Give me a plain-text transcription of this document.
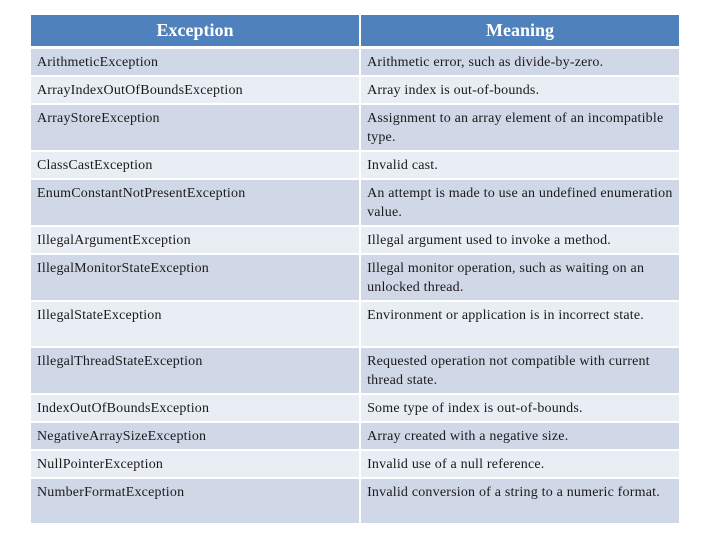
Exception	Meaning
ArithmeticException	Arithmetic error, such as divide-by-zero.
ArrayIndexOutOfBoundsException	Array index is out-of-bounds.
ArrayStoreException	Assignment to an array element of an incompatible type.
ClassCastException	Invalid cast.
EnumConstantNotPresentException	An attempt is made to use an undefined enumeration value.
IllegalArgumentException	Illegal argument used to invoke a method.
IllegalMonitorStateException	Illegal monitor operation, such as waiting on an unlocked thread.
IllegalStateException	Environment or application is in incorrect state.
IllegalThreadStateException	Requested operation not compatible with current thread state.
IndexOutOfBoundsException	Some type of index is out-of-bounds.
NegativeArraySizeException	Array created with a negative size.
NullPointerException	Invalid use of a null reference.
NumberFormatException	Invalid conversion of a string to a numeric format.
